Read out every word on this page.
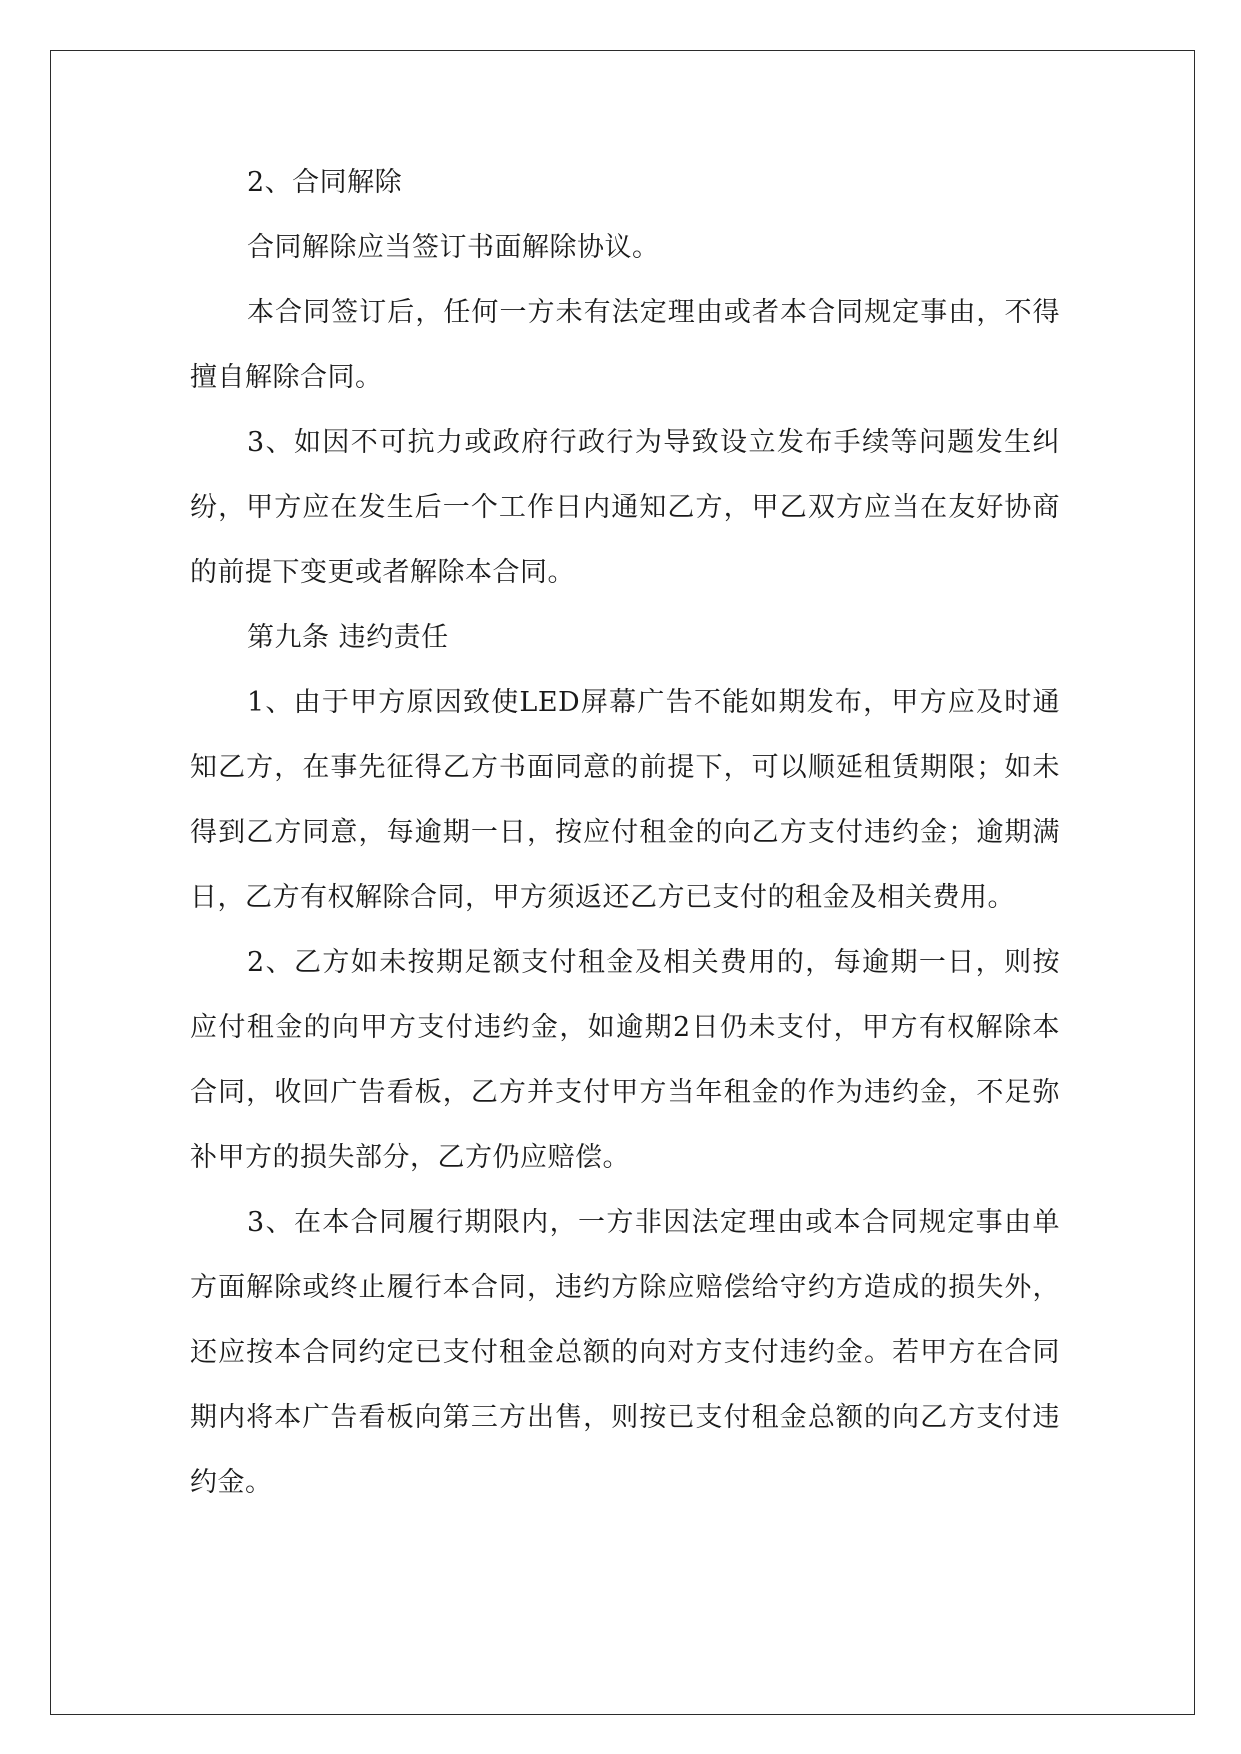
2、合同解除

合同解除应当签订书面解除协议。

本合同签订后，任何一方未有法定理由或者本合同规定事由，不得擅自解除合同。

3、如因不可抗力或政府行政行为导致设立发布手续等问题发生纠纷，甲方应在发生后一个工作日内通知乙方，甲乙双方应当在友好协商的前提下变更或者解除本合同。

第九条 违约责任

1、由于甲方原因致使LED屏幕广告不能如期发布，甲方应及时通知乙方，在事先征得乙方书面同意的前提下，可以顺延租赁期限；如未得到乙方同意，每逾期一日，按应付租金的向乙方支付违约金；逾期满日，乙方有权解除合同，甲方须返还乙方已支付的租金及相关费用。

2、乙方如未按期足额支付租金及相关费用的，每逾期一日，则按应付租金的向甲方支付违约金，如逾期2日仍未支付，甲方有权解除本合同，收回广告看板，乙方并支付甲方当年租金的作为违约金，不足弥补甲方的损失部分，乙方仍应赔偿。

3、在本合同履行期限内，一方非因法定理由或本合同规定事由单方面解除或终止履行本合同，违约方除应赔偿给守约方造成的损失外，还应按本合同约定已支付租金总额的向对方支付违约金。若甲方在合同期内将本广告看板向第三方出售，则按已支付租金总额的向乙方支付违约金。
